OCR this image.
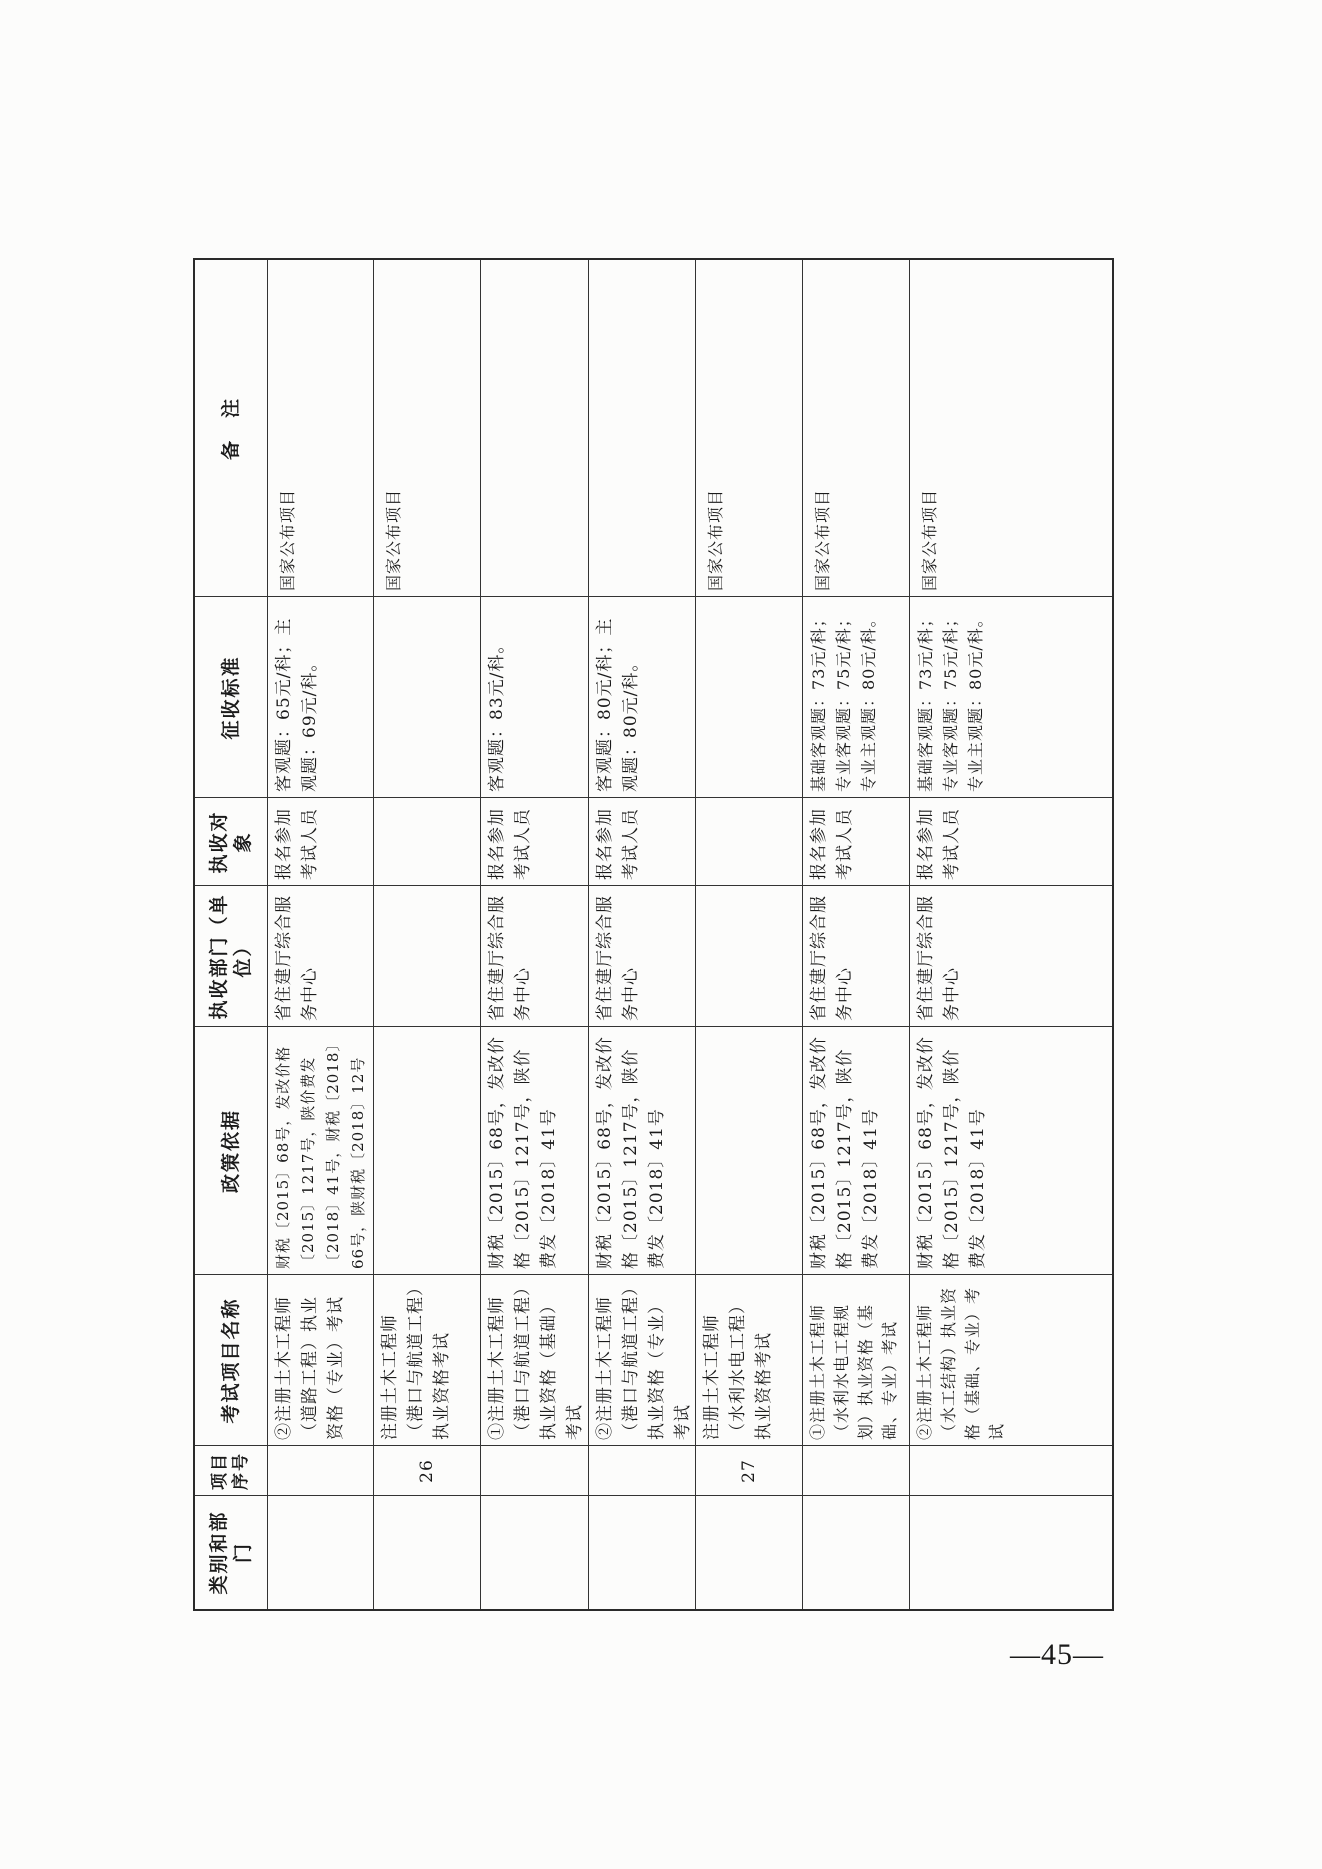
类别和部门
项目序号
考试项目名称
政策依据
执收部门（单位）
执收对象
征收标准
备　注
②注册土木工程师（道路工程）执业资格（专业）考试
财税〔2015〕68号，发改价格〔2015〕1217号，陕价费发〔2018〕41号，财税〔2018〕66号，陕财税〔2018〕12号
省住建厅综合服务中心
报名参加考试人员
客观题：65元/科；主观题：69元/科。
国家公布项目
26
注册土木工程师（港口与航道工程）执业资格考试
国家公布项目
①注册土木工程师（港口与航道工程）执业资格（基础）考试
财税〔2015〕68号，发改价格〔2015〕1217号，陕价费发〔2018〕41号
省住建厅综合服务中心
报名参加考试人员
客观题：83元/科。
②注册土木工程师（港口与航道工程）执业资格（专业）考试
财税〔2015〕68号，发改价格〔2015〕1217号，陕价费发〔2018〕41号
省住建厅综合服务中心
报名参加考试人员
客观题：80元/科；主观题：80元/科。
27
注册土木工程师（水利水电工程）执业资格考试
国家公布项目
①注册土木工程师（水利水电工程规划）执业资格（基础、专业）考试
财税〔2015〕68号，发改价格〔2015〕1217号，陕价费发〔2018〕41号
省住建厅综合服务中心
报名参加考试人员
基础客观题：73元/科；专业客观题：75元/科；专业主观题：80元/科。
国家公布项目
②注册土木工程师（水工结构）执业资格（基础、专业）考试
财税〔2015〕68号，发改价格〔2015〕1217号，陕价费发〔2018〕41号
省住建厅综合服务中心
报名参加考试人员
基础客观题：73元/科；专业客观题：75元/科；专业主观题：80元/科。
国家公布项目
—45—
